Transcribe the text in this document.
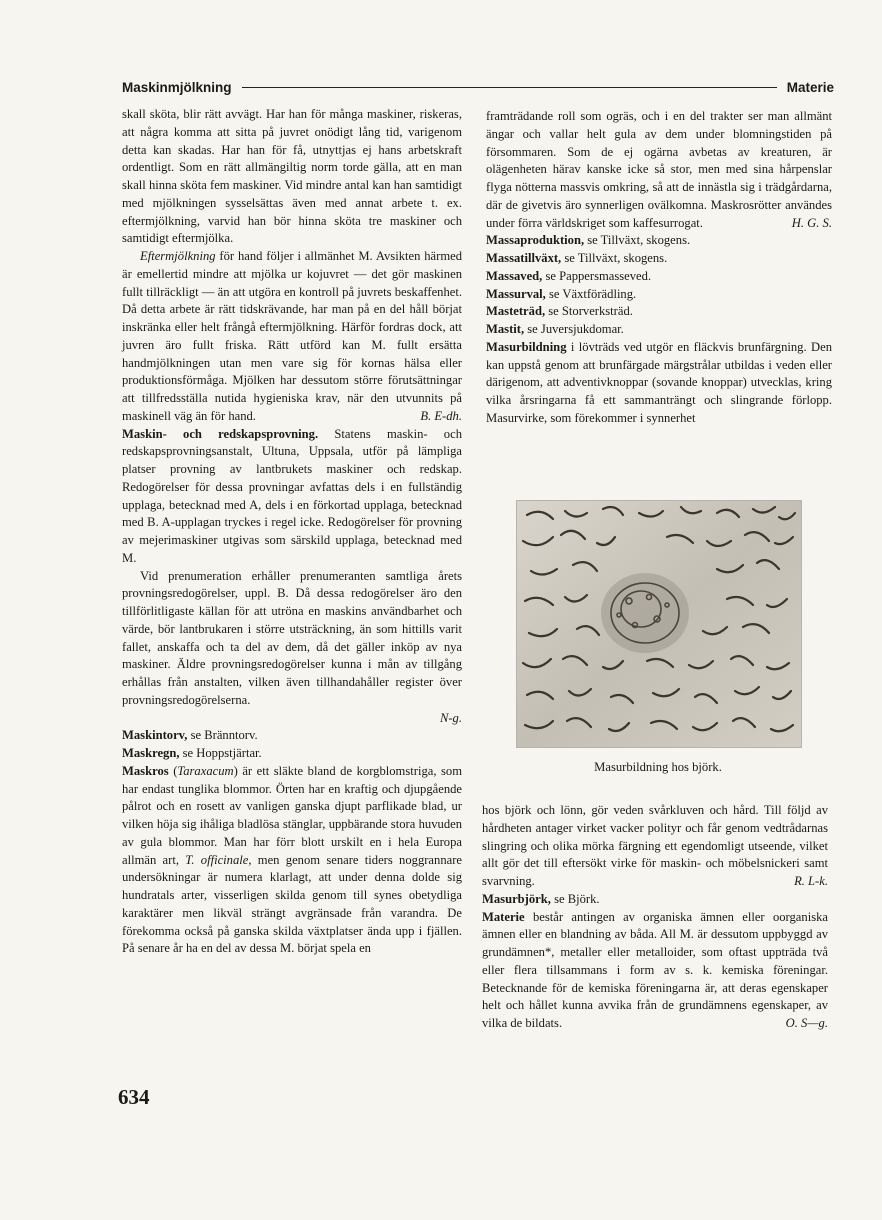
Maskinmjölkning	Materie

skall sköta, blir rätt avvägt. Har han för många maskiner, riskeras, att några komma att sitta på juvret onödigt lång tid, varigenom detta kan skadas. Har han för få, utnyttjas ej hans arbetskraft ordentligt. Som en rätt allmängiltig norm torde gälla, att en man skall hinna sköta fem maskiner. Vid mindre antal kan han samtidigt med mjölkningen sysselsättas även med annat arbete t. ex. eftermjölkning, varvid han bör hinna sköta tre maskiner och samtidigt eftermjölka.

Eftermjölkning för hand följer i allmänhet M. Avsikten härmed är emellertid mindre att mjölka ur kojuvret — det gör maskinen fullt tillräckligt — än att utgöra en kontroll på juvrets beskaffenhet. Då detta arbete är rätt tidskrävande, har man på en del håll börjat inskränka eller helt frångå eftermjölkning. Härför fordras dock, att juvren äro fullt friska. Rätt utförd kan M. fullt ersätta handmjölkningen utan men vare sig för kornas hälsa eller produktionsförmåga. Mjölken har dessutom större förutsättningar att tillfredsställa nutida hygieniska krav, när den utvunnits på maskinell väg än för hand.	B. E-dh.

Maskin- och redskapsprovning. Statens maskin- och redskapsprovningsanstalt, Ultuna, Uppsala, utför på lämpliga platser provning av lantbrukets maskiner och redskap. Redogörelser för dessa provningar avfattas dels i en fullständig upplaga, betecknad med A, dels i en förkortad upplaga, betecknad med B. A-upplagan tryckes i regel icke. Redogörelser för provning av mejerimaskiner utgivas som särskild upplaga, betecknad med M.

Vid prenumeration erhåller prenumeranten samtliga årets provningsredogörelser, uppl. B. Då dessa redogörelser äro den tillförlitligaste källan för att utröna en maskins användbarhet och värde, bör lantbrukaren i större utsträckning, än som hittills varit fallet, anskaffa och ta del av dem, då det gäller inköp av nya maskiner. Äldre provningsredogörelser kunna i mån av tillgång erhållas från anstalten, vilken även tillhandahåller register över provningsredogörelserna.

N-g.

Maskintorv, se Bränntorv.

Maskregn, se Hoppstjärtar.

Maskros (Taraxacum) är ett släkte bland de korgblomstriga, som har endast tunglika blommor. Örten har en kraftig och djupgående pålrot och en rosett av vanligen ganska djupt parflikade blad, ur vilken höja sig ihåliga bladlösa stänglar, uppbärande stora huvuden av gula blommor. Man har förr blott urskilt en i hela Europa allmän art, T. officinale, men genom senare tiders noggrannare undersökningar är numera klarlagt, att under denna dolde sig hundratals arter, visserligen skilda genom till synes obetydliga karaktärer men likväl strängt avgränsade från varandra. De förekomma också på ganska skilda växtplatser ända upp i fjällen. På senare år ha en del av dessa M. börjat spela en

framträdande roll som ogräs, och i en del trakter ser man allmänt ängar och vallar helt gula av dem under blomningstiden på försommaren. Som de ej ogärna avbetas av kreaturen, är olägenheten härav kanske icke så stor, men med sina hårpenslar flyga nötterna massvis omkring, så att de innästla sig i trädgårdarna, där de givetvis äro synnerligen ovälkomna. Maskrosrötter användes under förra världskriget som kaffesurrogat.	H. G. S.

Massaproduktion, se Tillväxt, skogens.

Massatillväxt, se Tillväxt, skogens.

Massaved, se Pappersmasseved.

Massurval, se Växtförädling.

Masteträd, se Storverksträd.

Mastit, se Juversjukdomar.

Masurbildning i lövträds ved utgör en fläckvis brunfärgning. Den kan uppstå genom att brunfärgade märgstrålar utbildas i veden eller därigenom, att adventivknoppar (sovande knoppar) utvecklas, kring vilka årsringarna få ett sammanträngt och slingrande förlopp. Masurvirke, som förekommer i synnerhet

Masurbildning hos björk.

hos björk och lönn, gör veden svårkluven och hård. Till följd av hårdheten antager virket vacker polityr och får genom vedtrådarnas slingring och olika mörka färgning ett egendomligt utseende, vilket allt gör det till eftersökt virke för maskin- och möbelsnickeri samt svarvning.	R. L-k.

Masurbjörk, se Björk.

Materie består antingen av organiska ämnen eller oorganiska ämnen eller en blandning av båda. All M. är dessutom uppbyggd av grundämnen*, metaller eller metalloider, som oftast uppträda två eller flera tillsammans i form av s. k. kemiska föreningar. Betecknande för de kemiska föreningarna är, att deras egenskaper helt och hållet kunna avvika från de grundämnens egenskaper, av vilka de bildats.	O. S—g.

634
